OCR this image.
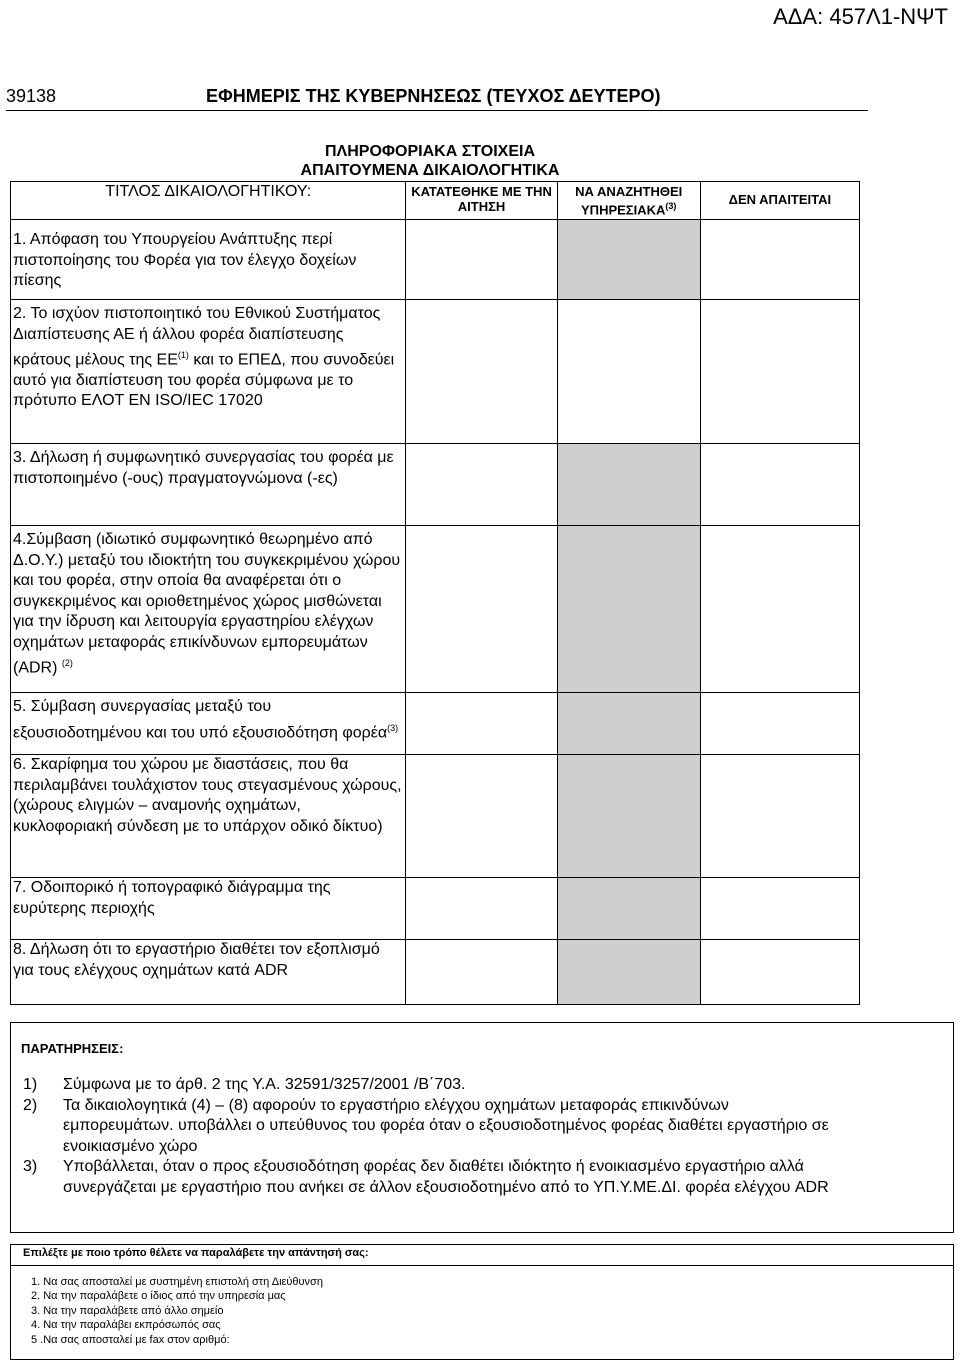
ΑΔΑ: 457Λ1-ΝΨΤ
39138	ΕΦΗΜΕΡΙΣ ΤΗΣ ΚΥΒΕΡΝΗΣΕΩΣ (ΤΕΥΧΟΣ ΔΕΥΤΕΡΟ)
ΠΛΗΡΟΦΟΡΙΑΚΑ ΣΤΟΙΧΕΙΑ
ΑΠΑΙΤΟΥΜΕΝΑ ΔΙΚΑΙΟΛΟΓΗΤΙΚΑ
ΤΙΤΛΟΣ ΔΙΚΑΙΟΛΟΓΗΤΙΚΟΥ:	ΚΑΤΑΤΕΘΗΚΕ ΜΕ ΤΗΝ ΑΙΤΗΣΗ	ΝΑ ΑΝΑΖΗΤΗΘΕΙ ΥΠΗΡΕΣΙΑΚΑ$^{(3)}$	ΔΕΝ ΑΠΑΙΤΕΙΤΑΙ
1. Απόφαση του Υπουργείου Ανάπτυξης περί πιστοποίησης του Φορέα για τον έλεγχο δοχείων πίεσης			
2. Το ισχύον πιστοποιητικό του Εθνικού Συστήματος Διαπίστευσης ΑΕ ή άλλου φορέα διαπίστευσης κράτους μέλους της ΕΕ$^{(1)}$ και το ΕΠΕΔ, που συνοδεύει αυτό για διαπίστευση του φορέα σύμφωνα με το πρότυπο ΕΛΟΤ ΕΝ ISO/IEC 17020			
3. Δήλωση ή συμφωνητικό συνεργασίας του φορέα με πιστοποιημένο (-ους) πραγματογνώμονα (-ες)			
4.Σύμβαση (ιδιωτικό συμφωνητικό θεωρημένο από Δ.Ο.Υ.) μεταξύ του ιδιοκτήτη του συγκεκριμένου χώρου και του φορέα, στην οποία θα αναφέρεται ότι ο συγκεκριμένος και οριοθετημένος χώρος μισθώνεται για την ίδρυση και λειτουργία εργαστηρίου ελέγχων οχημάτων μεταφοράς επικίνδυνων εμπορευμάτων (ADR) $^{(2)}$			
5. Σύμβαση συνεργασίας μεταξύ του εξουσιοδοτημένου και του υπό εξουσιοδότηση φορέα$^{(3)}$			
6. Σκαρίφημα του χώρου με διαστάσεις, που θα περιλαμβάνει τουλάχιστον τους στεγασμένους χώρους, (χώρους ελιγμών – αναμονής οχημάτων, κυκλοφοριακή σύνδεση με το υπάρχον οδικό δίκτυο)			
7. Οδοιπορικό ή τοπογραφικό διάγραμμα της ευρύτερης περιοχής			
8. Δήλωση ότι το εργαστήριο διαθέτει τον εξοπλισμό για τους ελέγχους οχημάτων κατά ADR			
ΠΑΡΑΤΗΡΗΣΕΙΣ:
1) Σύμφωνα με το άρθ. 2 της Υ.Α. 32591/3257/2001 /Β΄703.
2) Τα δικαιολογητικά (4) – (8) αφορούν το εργαστήριο ελέγχου οχημάτων μεταφοράς επικινδύνων εμπορευμάτων. υποβάλλει ο υπεύθυνος του φορέα όταν ο εξουσιοδοτημένος φορέας διαθέτει εργαστήριο σε ενοικιασμένο χώρο
3) Υποβάλλεται, όταν ο προς εξουσιοδότηση φορέας δεν διαθέτει ιδιόκτητο ή ενοικιασμένο εργαστήριο αλλά συνεργάζεται με εργαστήριο που ανήκει σε άλλον εξουσιοδοτημένο από το ΥΠ.Υ.ΜΕ.ΔΙ. φορέα ελέγχου ADR
Επιλέξτε με ποιο τρόπο θέλετε να παραλάβετε την απάντησή σας:
1. Να σας αποσταλεί με συστημένη επιστολή στη Διεύθυνση
2. Να την παραλάβετε ο ίδιος από την υπηρεσία μας
3. Να την παραλάβετε από άλλο σημείο
4. Να την παραλάβει εκπρόσωπός σας
5 .Να σας αποσταλεί με fax στον αριθμό:
